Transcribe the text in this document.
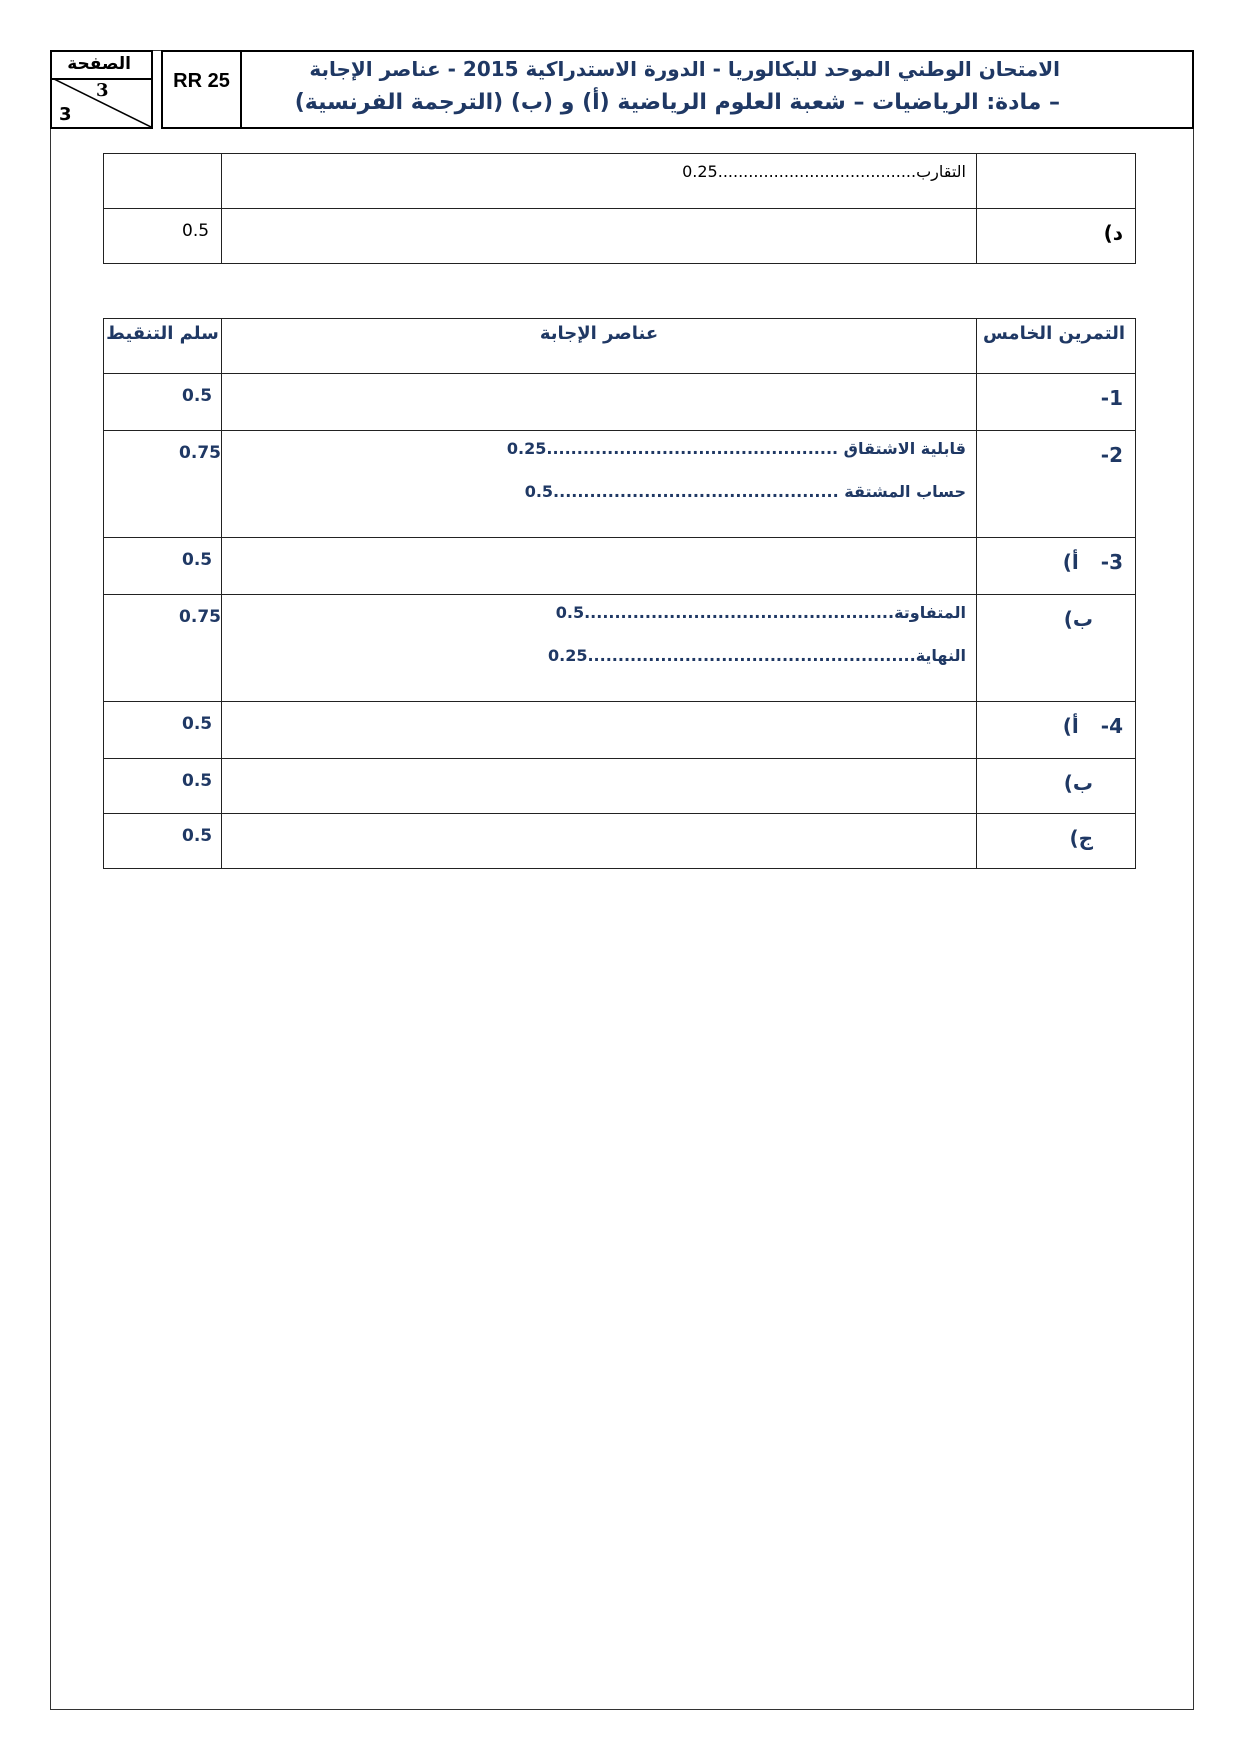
الصفحة
3
3
RR 25	الامتحان الوطني الموحد للبكالوريا - الدورة الاستدراكية 2015 - عناصر الإجابة
– مادة: الرياضيات – شعبة العلوم الرياضية (أ) و (ب) (الترجمة الفرنسية)

	التقارب.......................................0.25	

د)		0.5
التمرين الخامس	عناصر الإجابة	سلم التنقيط
1-		0.5
2-	قابلية الاشتقاق ................................................0.25
حساب المشتقة ...............................................0.5	0.75
3-أ)		0.5
ب)	المتفاوتة...................................................0.5
النهاية......................................................0.25	0.75
4-أ)		0.5
ب)		0.5
ج)		0.5
